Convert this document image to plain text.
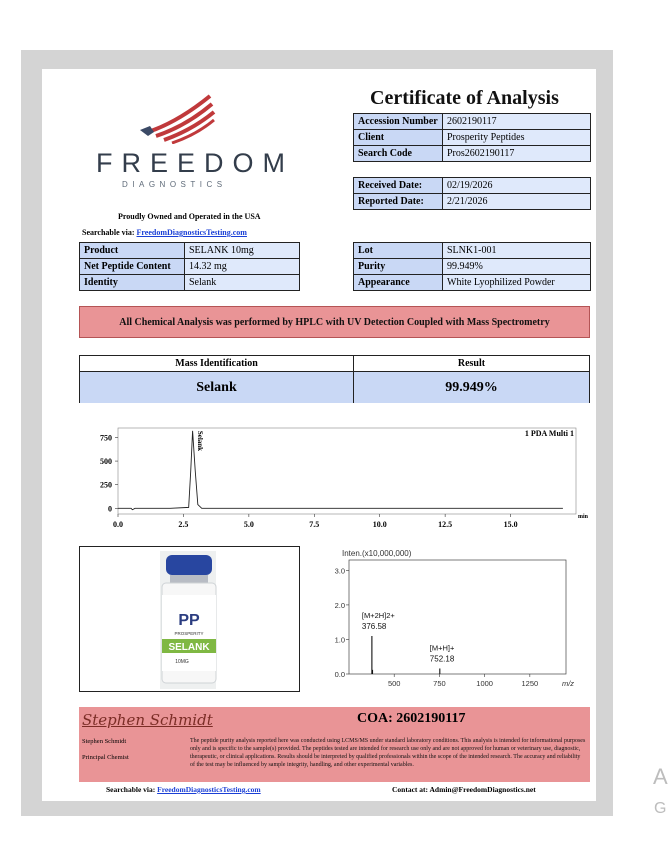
FREEDOM
DIAGNOSTICS
Proudly Owned and Operated in the USA
Searchable via: FreedomDiagnosticsTesting.com
Certificate of Analysis
Accession Number	2602190117
Client	Prosperity Peptides
Search Code	Pros2602190117
Received Date:	02/19/2026
Reported Date:	2/21/2026
Product	SELANK 10mg
Net Peptide Content	14.32 mg
Identity	Selank
Lot	SLNK1-001
Purity	99.949%
Appearance	White Lyophilized Powder
All Chemical Analysis was performed by HPLC with UV Detection Coupled with Mass Spectrometry
Mass Identification	Result
Selank	99.949%
0.0	2.5	5.0	7.5	10.0	12.5	15.0
750
500
250
0
1 PDA Multi 1
min
Selank
PP
PROSPERITY
SELANK
10MG
Inten.(x10,000,000)
3.0
2.0
1.0
0.0
500	750	1000	1250	m/z
[M+2H]2+
376.58
[M+H]+
752.18
Stephen Schmidt	COA: 2602190117
Stephen Schmidt
Principal Chemist
The peptide purity analysis reported here was conducted using LCMS/MS under standard laboratory conditions. This analysis is intended for informational purposes only and is specific to the sample(s) provided. The peptides tested are intended for research use only and are not approved for human or veterinary use, diagnostic, therapeutic, or clinical applications. Results should be interpreted by qualified professionals within the scope of the intended research. The accuracy and reliability of the test may be influenced by sample integrity, handling, and other experimental variables.
Searchable via: FreedomDiagnosticsTesting.com	Contact at: Admin@FreedomDiagnostics.net
A
G
